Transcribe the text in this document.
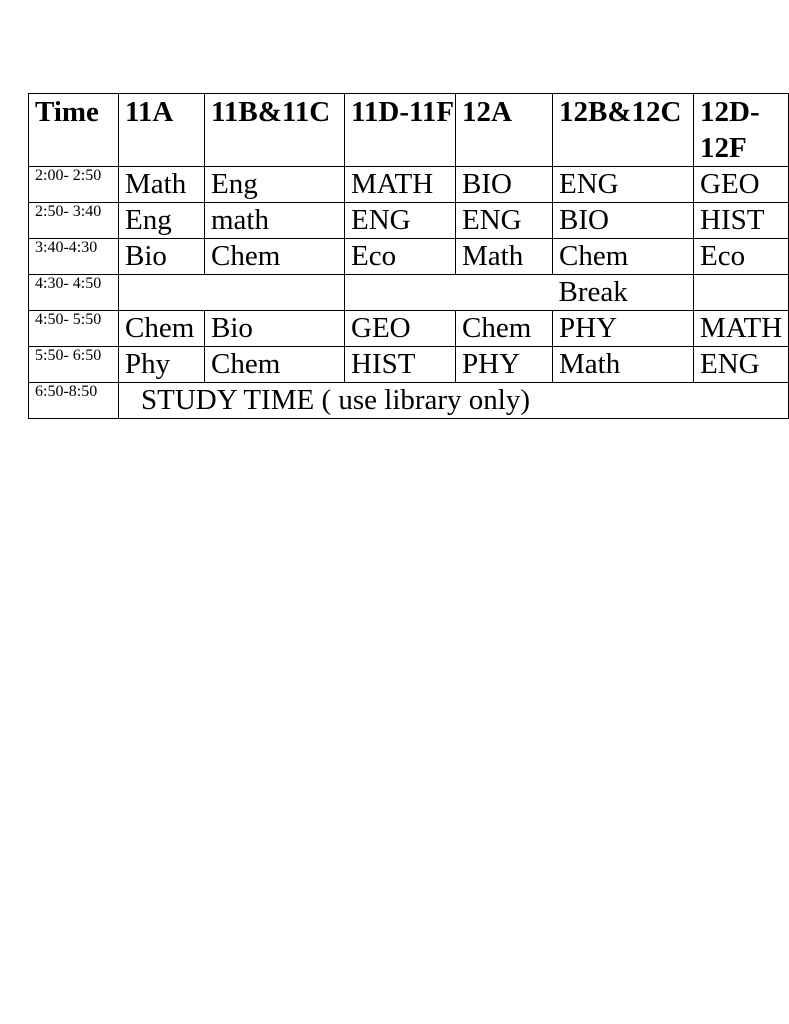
Time	11A	11B&11C	11D-11F	12A	12B&12C	12D-12F
2:00- 2:50	Math	Eng	MATH	BIO	ENG	GEO
2:50- 3:40	Eng	math	ENG	ENG	BIO	HIST
3:40-4:30	Bio	Chem	Eco	Math	Chem	Eco
4:30- 4:50					Break	
4:50- 5:50	Chem	Bio	GEO	Chem	PHY	MATH
5:50- 6:50	Phy	Chem	HIST	PHY	Math	ENG
6:50-8:50	STUDY TIME ( use library only)					
